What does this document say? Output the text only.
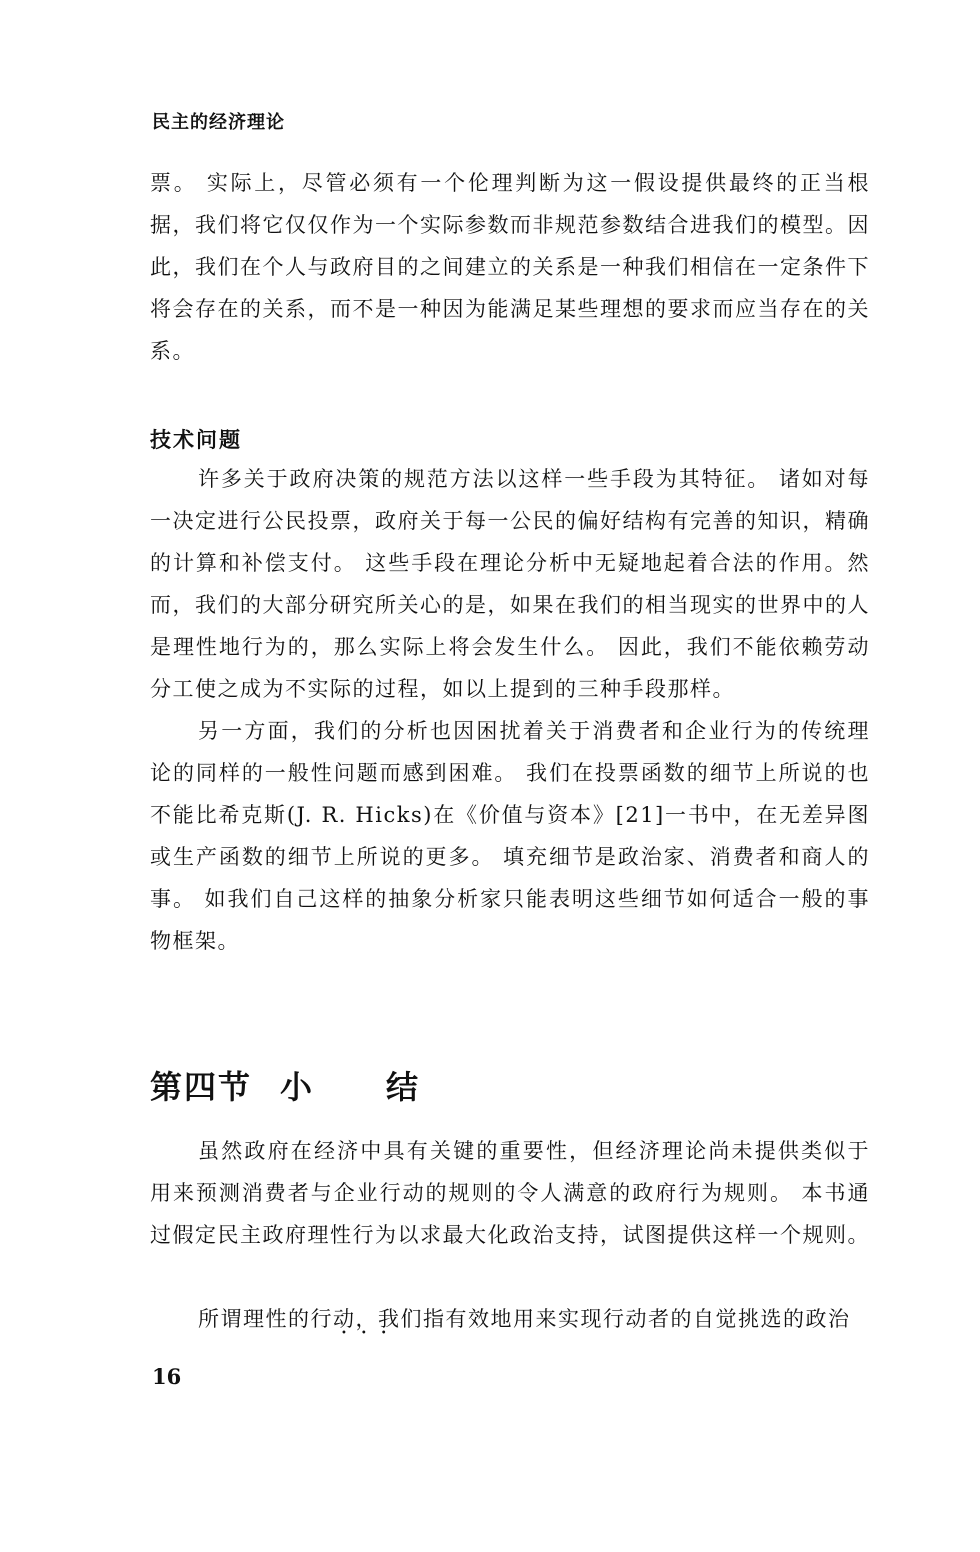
民主的经济理论

票。 实际上，尽管必须有一个伦理判断为这一假设提供最终的正当根据，我们将它仅仅作为一个实际参数而非规范参数结合进我们的模型。因此，我们在个人与政府目的之间建立的关系是一种我们相信在一定条件下将会存在的关系，而不是一种因为能满足某些理想的要求而应当存在的关系。

技术问题

许多关于政府决策的规范方法以这样一些手段为其特征。 诸如对每一决定进行公民投票，政府关于每一公民的偏好结构有完善的知识，精确的计算和补偿支付。 这些手段在理论分析中无疑地起着合法的作用。然而，我们的大部分研究所关心的是，如果在我们的相当现实的世界中的人是理性地行为的，那么实际上将会发生什么。 因此，我们不能依赖劳动分工使之成为不实际的过程，如以上提到的三种手段那样。

另一方面，我们的分析也因困扰着关于消费者和企业行为的传统理论的同样的一般性问题而感到困难。 我们在投票函数的细节上所说的也不能比希克斯(J. R. Hicks)在《价值与资本》[21]一书中，在无差异图或生产函数的细节上所说的更多。 填充细节是政治家、消费者和商人的事。 如我们自己这样的抽象分析家只能表明这些细节如何适合一般的事物框架。

第四节 小 结

虽然政府在经济中具有关键的重要性，但经济理论尚未提供类似于用来预测消费者与企业行动的规则的令人满意的政府行为规则。 本书通过假定民主政府理性行为以求最大化政治支持，试图提供这样一个规则。

所谓理性的 •••行动，我们指有效地用来实现行动者的自觉挑选的政治

16
